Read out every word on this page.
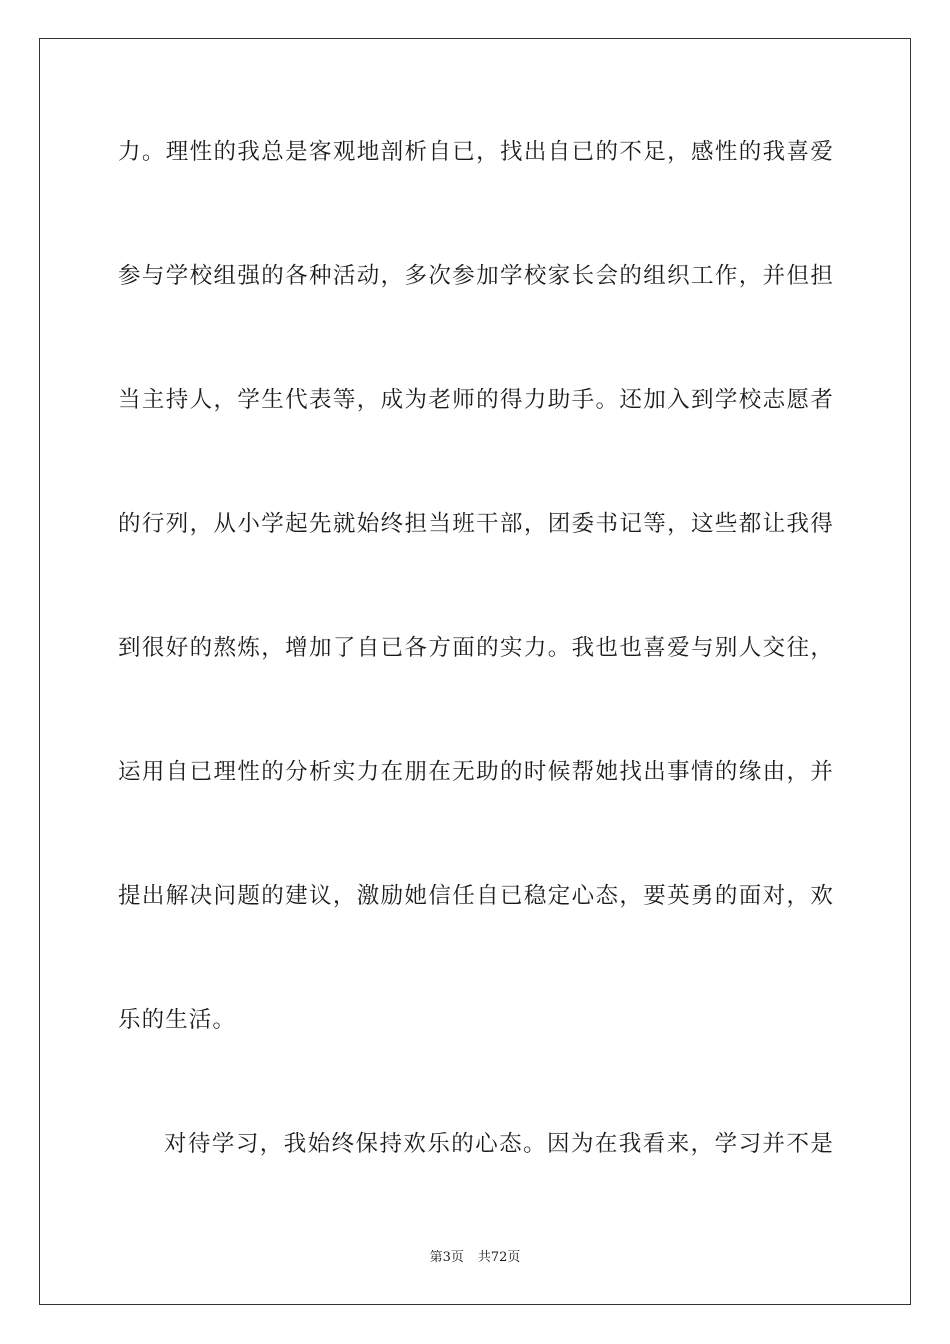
力。理性的我总是客观地剖析自已，找出自已的不足，感性的我喜爱
参与学校组强的各种活动，多次参加学校家长会的组织工作，并但担
当主持人，学生代表等，成为老师的得力助手。还加入到学校志愿者
的行列，从小学起先就始终担当班干部，团委书记等，这些都让我得
到很好的熬炼，增加了自已各方面的实力。我也也喜爱与别人交往，
运用自已理性的分析实力在朋在无助的时候帮她找出事情的缘由，并
提出解决问题的建议，激励她信任自已稳定心态，要英勇的面对，欢
乐的生活。
对待学习，我始终保持欢乐的心态。因为在我看来，学习并不是
第3页 共72页
